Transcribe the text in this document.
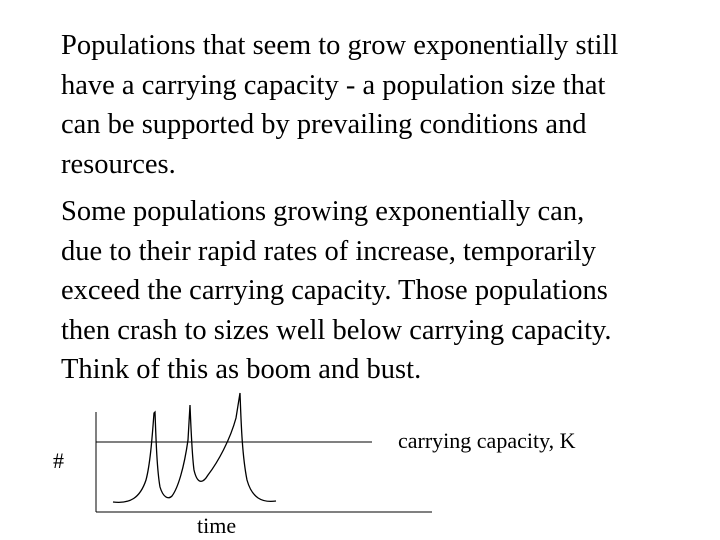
Populations that seem to grow exponentially still
have a carrying capacity - a population size that
can be supported by prevailing conditions and
resources.

Some populations growing exponentially can,
due to their rapid rates of increase, temporarily
exceed the carrying capacity. Those populations
then crash to sizes well below carrying capacity.
Think of this as boom and bust.

carrying capacity, K
#
time
